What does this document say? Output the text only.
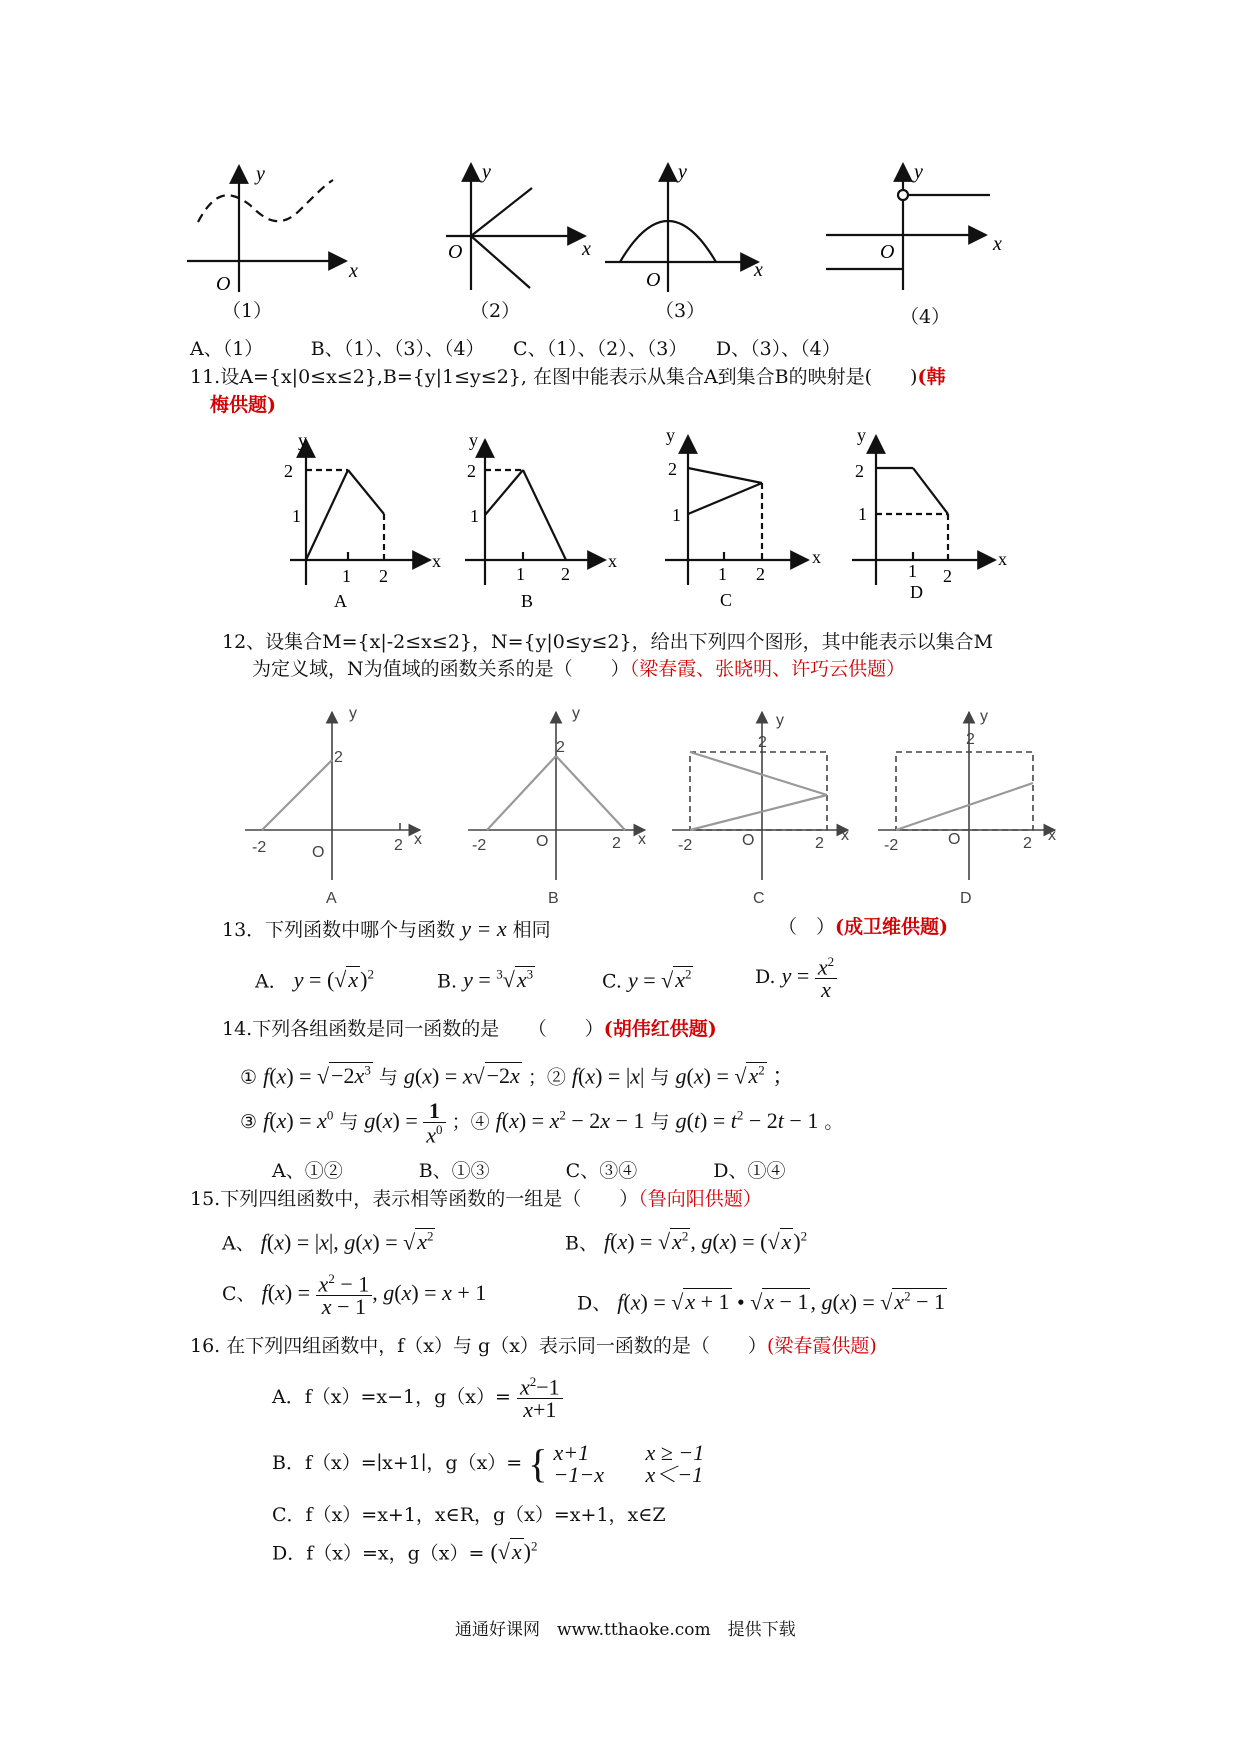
y
x
O
y
x
O
y
x
O
y
x
O
（1）	（2）	（3）	（4）
A、（1）　　　B、（1）、（3）、（4）　　C、（1）、（2）、（3）　　D、（3）、（4）
11.设A={x|0≤x≤2},B={y|1≤y≤2}, 在图中能表示从集合A到集合B的映射是(　　)(韩
梅供题)
y
x
2
1
1 2
A
y
x
2
1
1 2
B
y
x
2
1
1 2
C
y
x
2
1
1 2
D
12、设集合M={x|-2≤x≤2}，N={y|0≤y≤2}，给出下列四个图形，其中能表示以集合M
为定义域，N为值域的函数关系的是（　　）（梁春霞、张晓明、许巧云供题）
y
x
2
-2	2
O
A
y
x
2
-2	2
O
B
y
x
2
-2	2
O
C
y
x
2
-2	2
O
D
13．下列函数中哪个与函数 y = x 相同	（　）(成卫维供题)
A． $y = (√x)^2$	B. $y = ^3√x^3$	C. $y = √x^2$	D. $y = \frac{x^2}{x}$
14.下列各组函数是同一函数的是　　（　　）(胡伟红供题)
① $f(x) = √-2x^3$ 与 g(x) = x√−2x ；② f(x) = |x| 与 $g(x) = √x^2$ ；
③ $f(x) = x^0$ 与 $g(x) = \frac{1}{x^0}$ ；④ $f(x) = x^2 - 2x - 1$ 与 $g(t) = t^2 - 2t - 1$ 。
A、①②　　　　B、①③　　　　C、③④　　　　D、①④
15.下列四组函数中，表示相等函数的一组是（　　）（鲁向阳供题）
A、 f(x) = |x|, $g(x) = √x^2$	B、 $f(x) = √x^2$, $g(x) = (√x)^2$
C、 $f(x) = \frac{x^2 - 1}{x - 1}$ , g(x) = x + 1	D、 f(x) = √x + 1 • √x − 1, $g(x) = √x^2 - 1$
16. 在下列四组函数中，f（x）与 g（x）表示同一函数的是（　　）(梁春霞供题)
A．f（x）=x−1，$g(x)= \frac{x^2-1}{x+1}$
B．f（x）=∣x+1∣，g（x）= { x+1	x ≥ −1
−1−x x＜−1
C．f（x）=x+1，x∈R，g（x）=x+1，x∈Z
D．f（x）=x，$g(x)= (√x)^2$
通通好课网　www.tthaoke.com　提供下载
